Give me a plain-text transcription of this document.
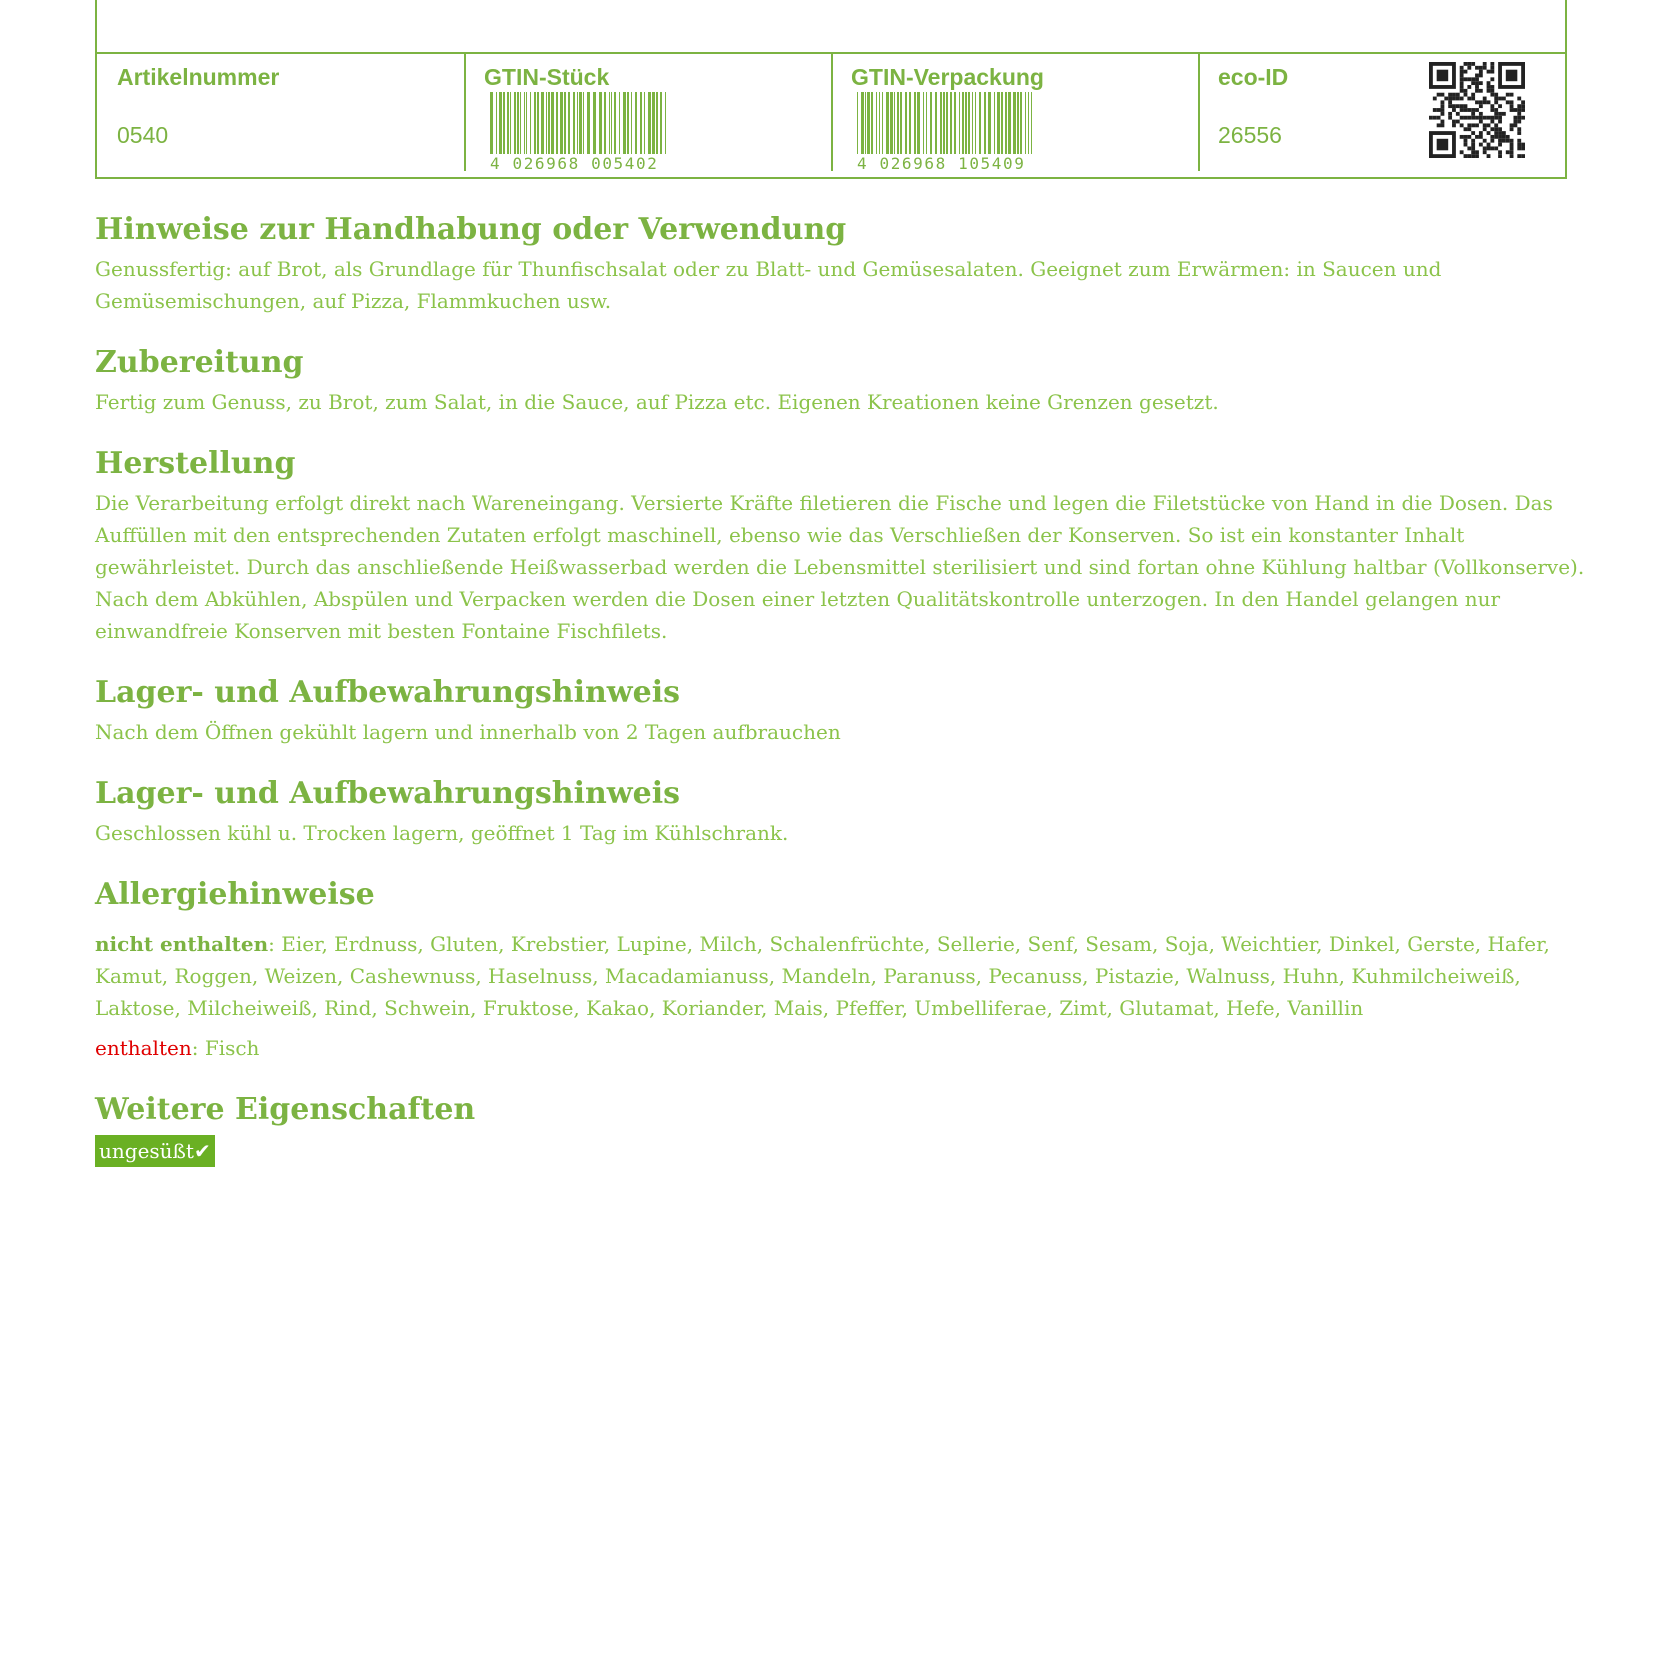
Artikelnummer
0540
GTIN-Stück
4 026968 005402
GTIN-Verpackung
4 026968 105409
eco-ID
26556
Hinweise zur Handhabung oder Verwendung

Genussfertig: auf Brot, als Grundlage für Thunfischsalat oder zu Blatt- und Gemüsesalaten. Geeignet zum Erwärmen: in Saucen und Gemüsemischungen, auf Pizza, Flammkuchen usw.

Zubereitung

Fertig zum Genuss, zu Brot, zum Salat, in die Sauce, auf Pizza etc. Eigenen Kreationen keine Grenzen gesetzt.

Herstellung

Die Verarbeitung erfolgt direkt nach Wareneingang. Versierte Kräfte filetieren die Fische und legen die Filetstücke von Hand in die Dosen. Das Auffüllen mit den entsprechenden Zutaten erfolgt maschinell, ebenso wie das Verschließen der Konserven. So ist ein konstanter Inhalt gewährleistet. Durch das anschließende Heißwasserbad werden die Lebensmittel sterilisiert und sind fortan ohne Kühlung haltbar (Vollkonserve). Nach dem Abkühlen, Abspülen und Verpacken werden die Dosen einer letzten Qualitätskontrolle unterzogen. In den Handel gelangen nur einwandfreie Konserven mit besten Fontaine Fischfilets.

Lager- und Aufbewahrungshinweis

Nach dem Öffnen gekühlt lagern und innerhalb von 2 Tagen aufbrauchen

Lager- und Aufbewahrungshinweis

Geschlossen kühl u. Trocken lagern, geöffnet 1 Tag im Kühlschrank.

Allergiehinweise

nicht enthalten: Eier, Erdnuss, Gluten, Krebstier, Lupine, Milch, Schalenfrüchte, Sellerie, Senf, Sesam, Soja, Weichtier, Dinkel, Gerste, Hafer, Kamut, Roggen, Weizen, Cashewnuss, Haselnuss, Macadamianuss, Mandeln, Paranuss, Pecanuss, Pistazie, Walnuss, Huhn, Kuhmilcheiweiß, Laktose, Milcheiweiß, Rind, Schwein, Fruktose, Kakao, Koriander, Mais, Pfeffer, Umbelliferae, Zimt, Glutamat, Hefe, Vanillin

enthalten: Fisch

Weitere Eigenschaften
ungesüßt✔
